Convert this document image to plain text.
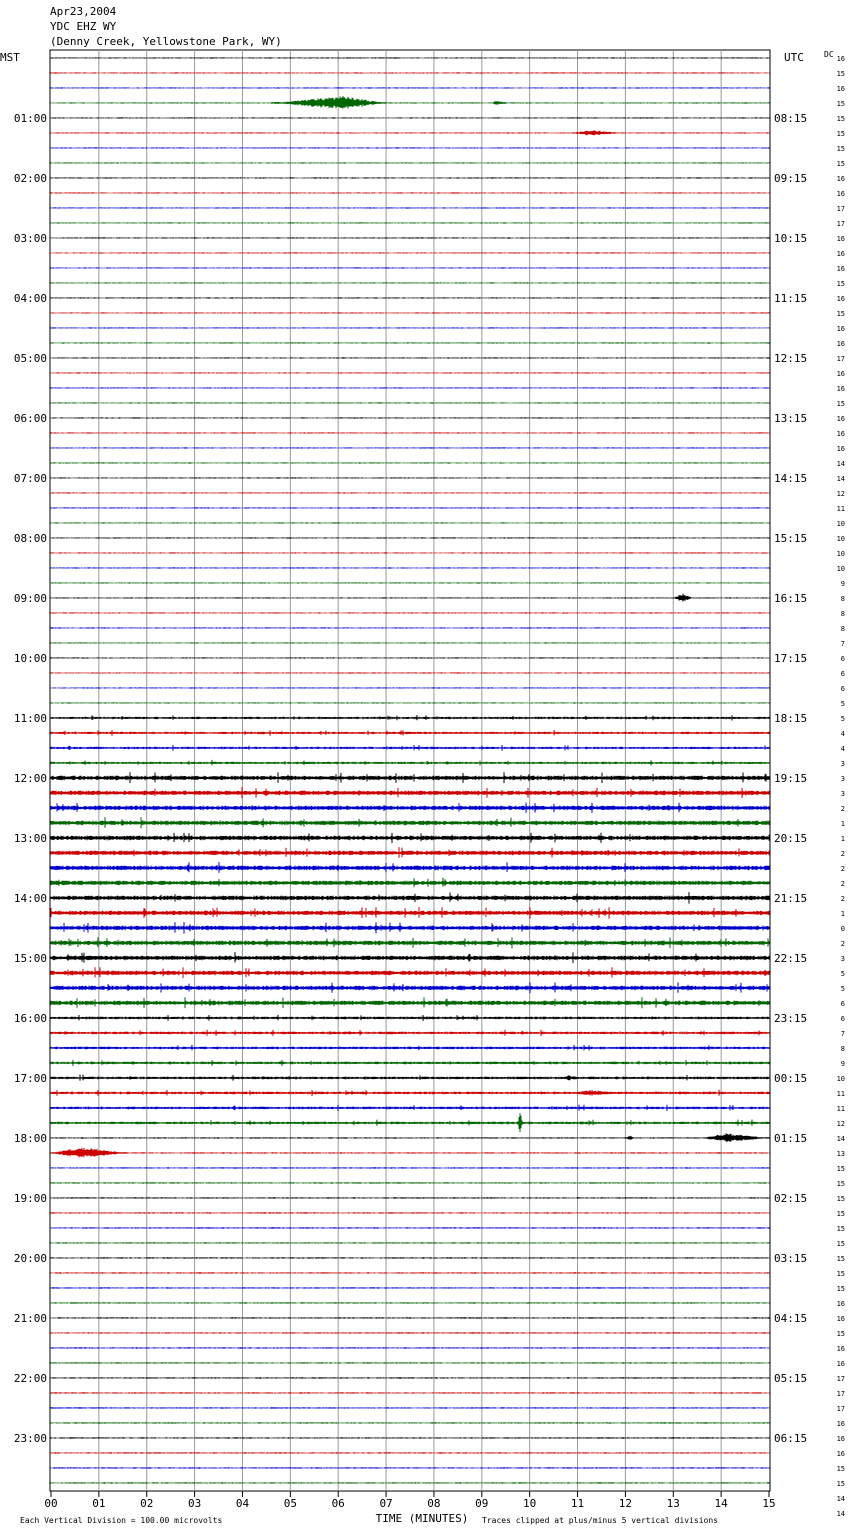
Apr23,2004
YDC EHZ WY
(Denny Creek, Yellowstone Park, WY)
MST	UTC	DC
01:00
02:00
03:00
04:00
05:00
06:00
07:00
08:00
09:00
10:00
11:00
12:00
13:00
14:00
15:00
16:00
17:00
18:00
19:00
20:00
21:00
22:00
23:00
08:15
09:15
10:15
11:15
12:15
13:15
14:15
15:15
16:15
17:15
18:15
19:15
20:15
21:15
22:15
23:15
00:15
01:15
02:15
03:15
04:15
05:15
06:15
16
15
16
15
15
15
15
15
16
16
17
17
16
16
16
15
16
15
16
16
17
16
16
15
16
16
16
14
14
12
11
10
10
10
10
9
8
8
8
7
6
6
6
5
5
4
4
3
3
3
2
1
1
2
2
2
2
1
0
2
3
5
5
6
6
7
8
9
10
11
11
12
14
13
15
15
15
15
15
15
15
15
15
16
16
15
16
16
17
17
17
16
16
16
15
15
14
14
00	01	02	03	04	05	06	07	08	09	10	11	12	13	14	15
TIME (MINUTES)
Each Vertical Division = 100.00 microvolts	Traces clipped at plus/minus 5 vertical divisions
